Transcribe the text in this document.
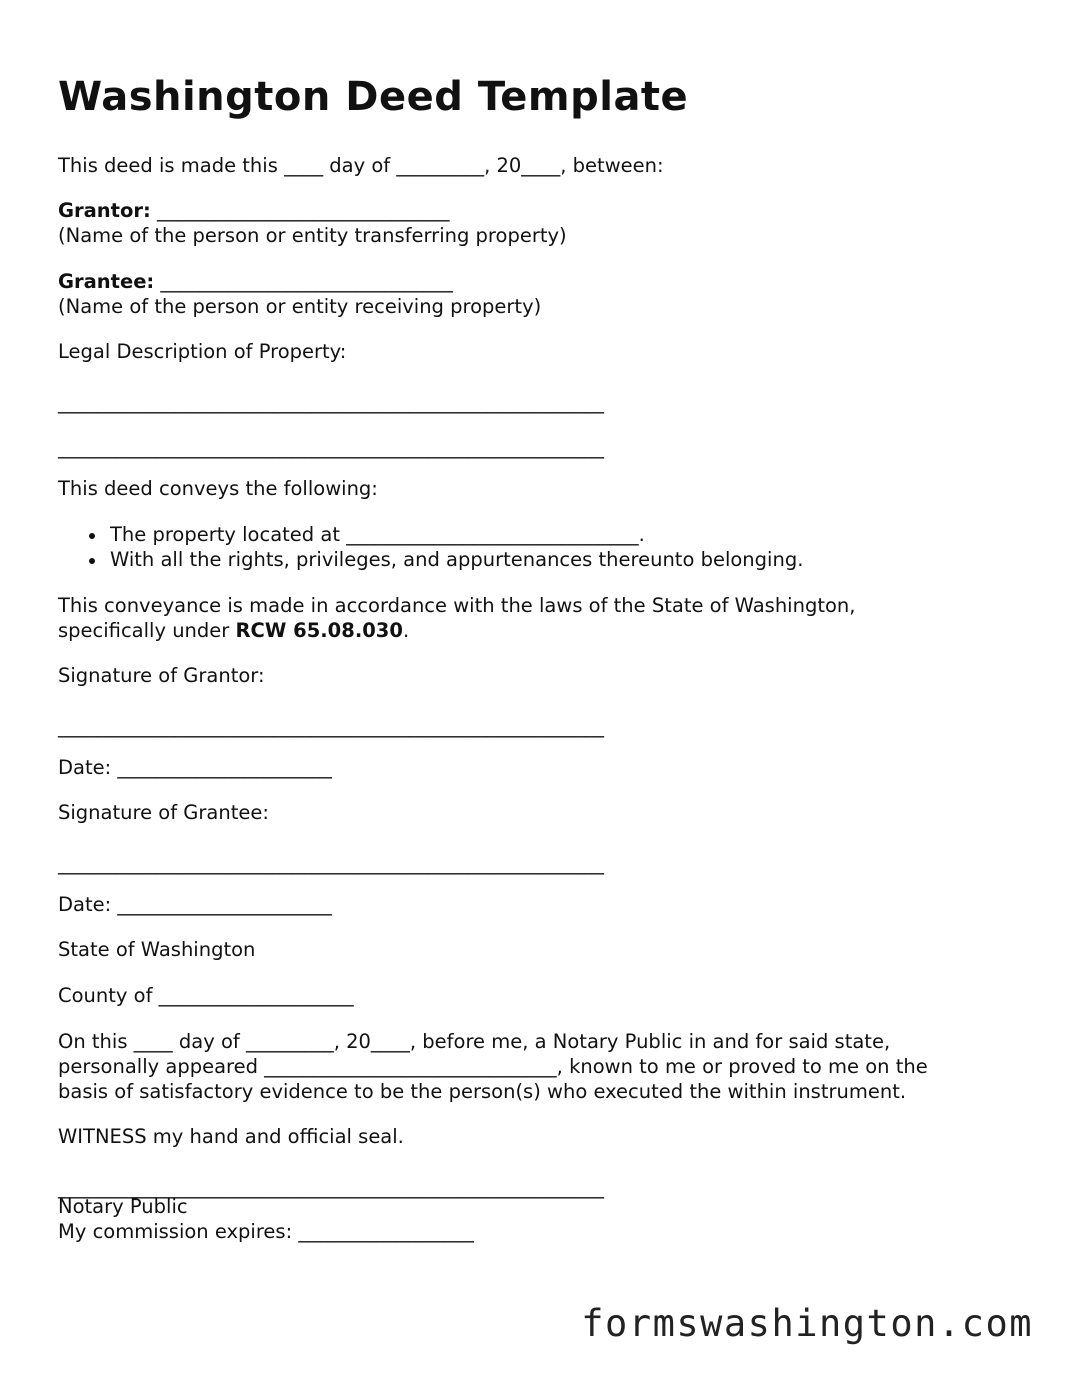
Washington Deed Template
This deed is made this ____ day of _________, 20____, between:
Grantor: ______________________________
(Name of the person or entity transferring property)
Grantee: ______________________________
(Name of the person or entity receiving property)
Legal Description of Property:
________________________________________________________
________________________________________________________
This deed conveys the following:
The property located at ______________________________.
With all the rights, privileges, and appurtenances thereunto belonging.
This conveyance is made in accordance with the laws of the State of Washington,
specifically under RCW 65.08.030.
Signature of Grantor:
________________________________________________________
Date: ______________________
Signature of Grantee:
________________________________________________________
Date: ______________________
State of Washington
County of ____________________
On this ____ day of _________, 20____, before me, a Notary Public in and for said state,
personally appeared ______________________________, known to me or proved to me on the
basis of satisfactory evidence to be the person(s) who executed the within instrument.
WITNESS my hand and official seal.
________________________________________________________
Notary Public
My commission expires: __________________
formswashington.com
